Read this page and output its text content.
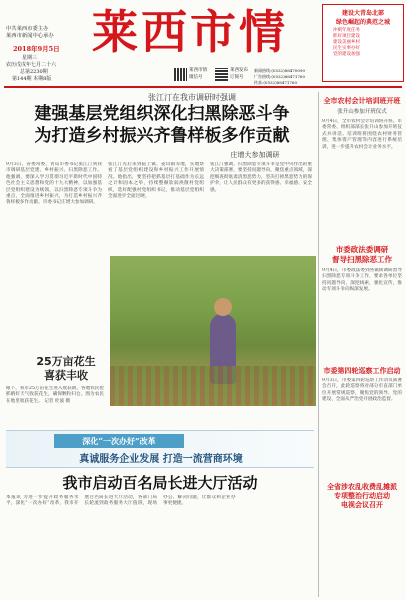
中共莱西市委主办
莱西市新闻中心承办
2018年9月5日
星期三
农历戊戌年七月二十六
总第2230期
第144期 本期8版
莱西市情
莱西市情
微信号
莱西发布
订阅号
新闻热线:(0532)88470090
广告热线:(0532)88471760
传真:(0532)88471760
建设大青岛北部
绿色崛起的典范之城
冲刺年度任务
抓好项目建设
建设美丽乡村
民生实事办好
党的建设加强
张江汀在我市调研时强调
建强基层党组织深化扫黑除恶斗争
为打造乡村振兴齐鲁样板多作贡献
庄增大参加调研
9月3日，省委常委、青岛市委书记张江汀到我市调研基层党建、乡村振兴、扫黑除恶工作。他强调，要深入学习贯彻习近平新时代中国特色社会主义思想和党的十九大精神，以加强基层党组织建设为统领，以扫黑除恶专项斗争为重点，全面推进乡村振兴，为打造乡村振兴齐鲁样板多作贡献。市委书记庄增大参加调研。
张江汀先后来到院上镇、姜山镇等地，实地察看了基层党组织建设和乡村振兴工作开展情况。他指出，要坚持把抓基层打基础作为长远之计和固本之举，持续整顿软弱涣散村党组织，选好配强村党组织书记，推动基层党组织全面进步全面过硬。
张江汀强调，扫黑除恶专项斗争是党中央作出的重大决策部署，要坚持问题导向，聚焦重点领域，深挖细查彻底肃清黑恶势力，坚决打掉黑恶势力的保护伞，让人民群众有更多的获得感、幸福感、安全感。
25万亩花生
喜获丰收
眼下，我市25万亩花生进入收获期，各地农民抢抓晴好天气收获花生，确保颗粒归仓。图为农民在地里收获花生。 记者 杜波 摄
深化“一次办好”改革
真诚服务企业发展 打造一流营商环境
我市启动百名局长进大厅活动
本报讯 为进一步提升政务服务水平，深化“一次办好”改革，我市开展百名局长进大厅活动，各部门局长轮流到政务服务大厅值班，现场办公、解决问题，让群众和企业办事更便捷。
全市农村会计培训班开班
张升山参加开班仪式
9月4日，全市农村会计培训班开班。市委常委、组织部部长张升山参加开班仪式并讲话。培训班将围绕农村财务管理、集体资产管理等内容进行系统培训，进一步提升农村会计业务水平。
市委政法委调研
督导扫黑除恶工作
9月4日，市委政法委到各镇街调研督导扫黑除恶专项斗争工作，要求各单位坚持问题导向，深挖线索，强化宣传，推动专项斗争向纵深发展。
市委第四轮巡察工作启动
9月3日，市委第四轮巡察工作动员部署会召开，此轮巡察将对部分市直部门单位开展常规巡察，聚焦党的领导、党的建设、全面从严治党开展政治监督。
全省涉农乱收费乱摊派
专项整治行动启动
电视会议召开
